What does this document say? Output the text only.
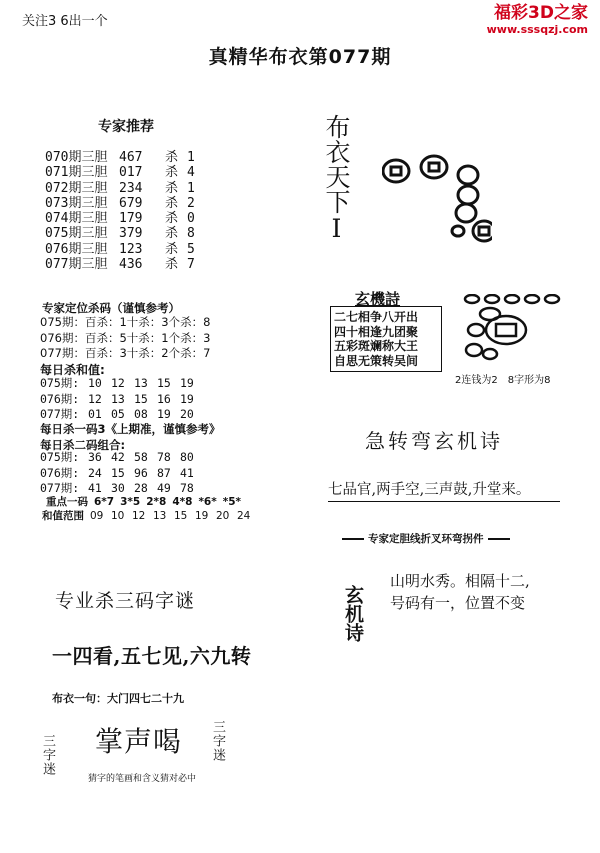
关注3 6出一个	福彩3D之家
www.sssqzj.com
真精华布衣第077期
专家推荐
070期三胆 467 杀 1
071期三胆 017 杀 4
072期三胆 234 杀 1
073期三胆 679 杀 2
074期三胆 179 杀 0
075期三胆 379 杀 8
076期三胆 123 杀 5
077期三胆 436 杀 7
专家定位杀码（谨慎参考）
075期：百杀：1十杀：3个杀：8
076期：百杀：5十杀：1个杀：3
077期：百杀：3十杀：2个杀：7
每日杀和值:
075期: 10 12 13 15 19
076期: 12 13 15 16 19
077期: 01 05 08 19 20
每日杀一码3《上期准，谨慎参考》
每日杀二码组合:
075期: 36 42 58 78 80
076期: 24 15 96 87 41
077期: 41 30 28 49 78
重点一码 6*7 3*5 2*8 4*8 *6* *5*
和值范围 09 10 12 13 15 19 20 24
专业杀三码字谜
一四看,五七见,六九转
布衣一句：大门四七二十九
三字迷 掌声喝 三字迷
猜字的笔画和含义猜对必中
布衣天下I
玄機詩
二七相争八开出
四十相逢九团聚
五彩斑斓称大王
自思无策转吴间
2连钱为2 8字形为8
急转弯玄机诗
七品官,两手空,三声鼓,升堂来。
专家定胆线折叉环弯拐件
玄机诗
山明水秀。相隔十二,
号码有一，位置不变
